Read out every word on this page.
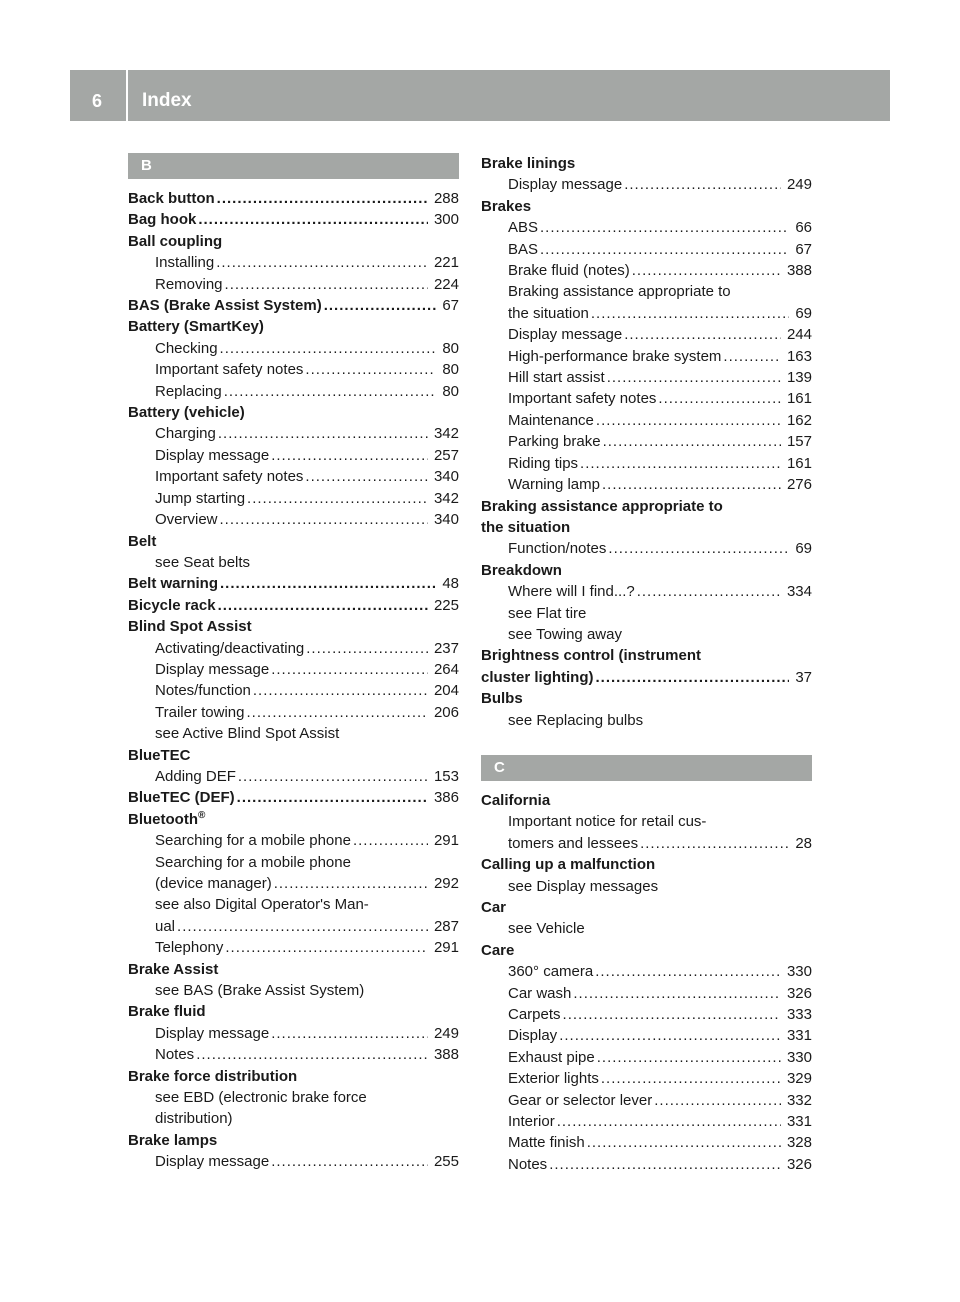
6	Index
B
Back button .....	288
Bag hook .....	300
Ball coupling
Installing .....	221
Removing .....	224
BAS (Brake Assist System) .....	67
Battery (SmartKey)
Checking .....	80
Important safety notes .....	80
Replacing .....	80
Battery (vehicle)
Charging .....	342
Display message .....	257
Important safety notes .....	340
Jump starting .....	342
Overview .....	340
Belt
see Seat belts
Belt warning .....	48
Bicycle rack .....	225
Blind Spot Assist
Activating/deactivating .....	237
Display message .....	264
Notes/function .....	204
Trailer towing .....	206
see Active Blind Spot Assist
BlueTEC
Adding DEF .....	153
BlueTEC (DEF) .....	386
Bluetooth®
Searching for a mobile phone .....	291
Searching for a mobile phone
(device manager) .....	292
see also Digital Operator's Man-
ual .....	287
Telephony .....	291
Brake Assist
see BAS (Brake Assist System)
Brake fluid
Display message .....	249
Notes .....	388
Brake force distribution
see EBD (electronic brake force
distribution)
Brake lamps
Display message .....	255
Brake linings
Display message .....	249
Brakes
ABS .....	66
BAS .....	67
Brake fluid (notes) .....	388
Braking assistance appropriate to
the situation .....	69
Display message .....	244
High-performance brake system .....	163
Hill start assist .....	139
Important safety notes .....	161
Maintenance .....	162
Parking brake .....	157
Riding tips .....	161
Warning lamp .....	276
Braking assistance appropriate to
the situation
Function/notes .....	69
Breakdown
Where will I find...? .....	334
see Flat tire
see Towing away
Brightness control (instrument
cluster lighting) .....	37
Bulbs
see Replacing bulbs
C
California
Important notice for retail cus-
tomers and lessees .....	28
Calling up a malfunction
see Display messages
Car
see Vehicle
Care
360° camera .....	330
Car wash .....	326
Carpets .....	333
Display .....	331
Exhaust pipe .....	330
Exterior lights .....	329
Gear or selector lever .....	332
Interior .....	331
Matte finish .....	328
Notes .....	326
